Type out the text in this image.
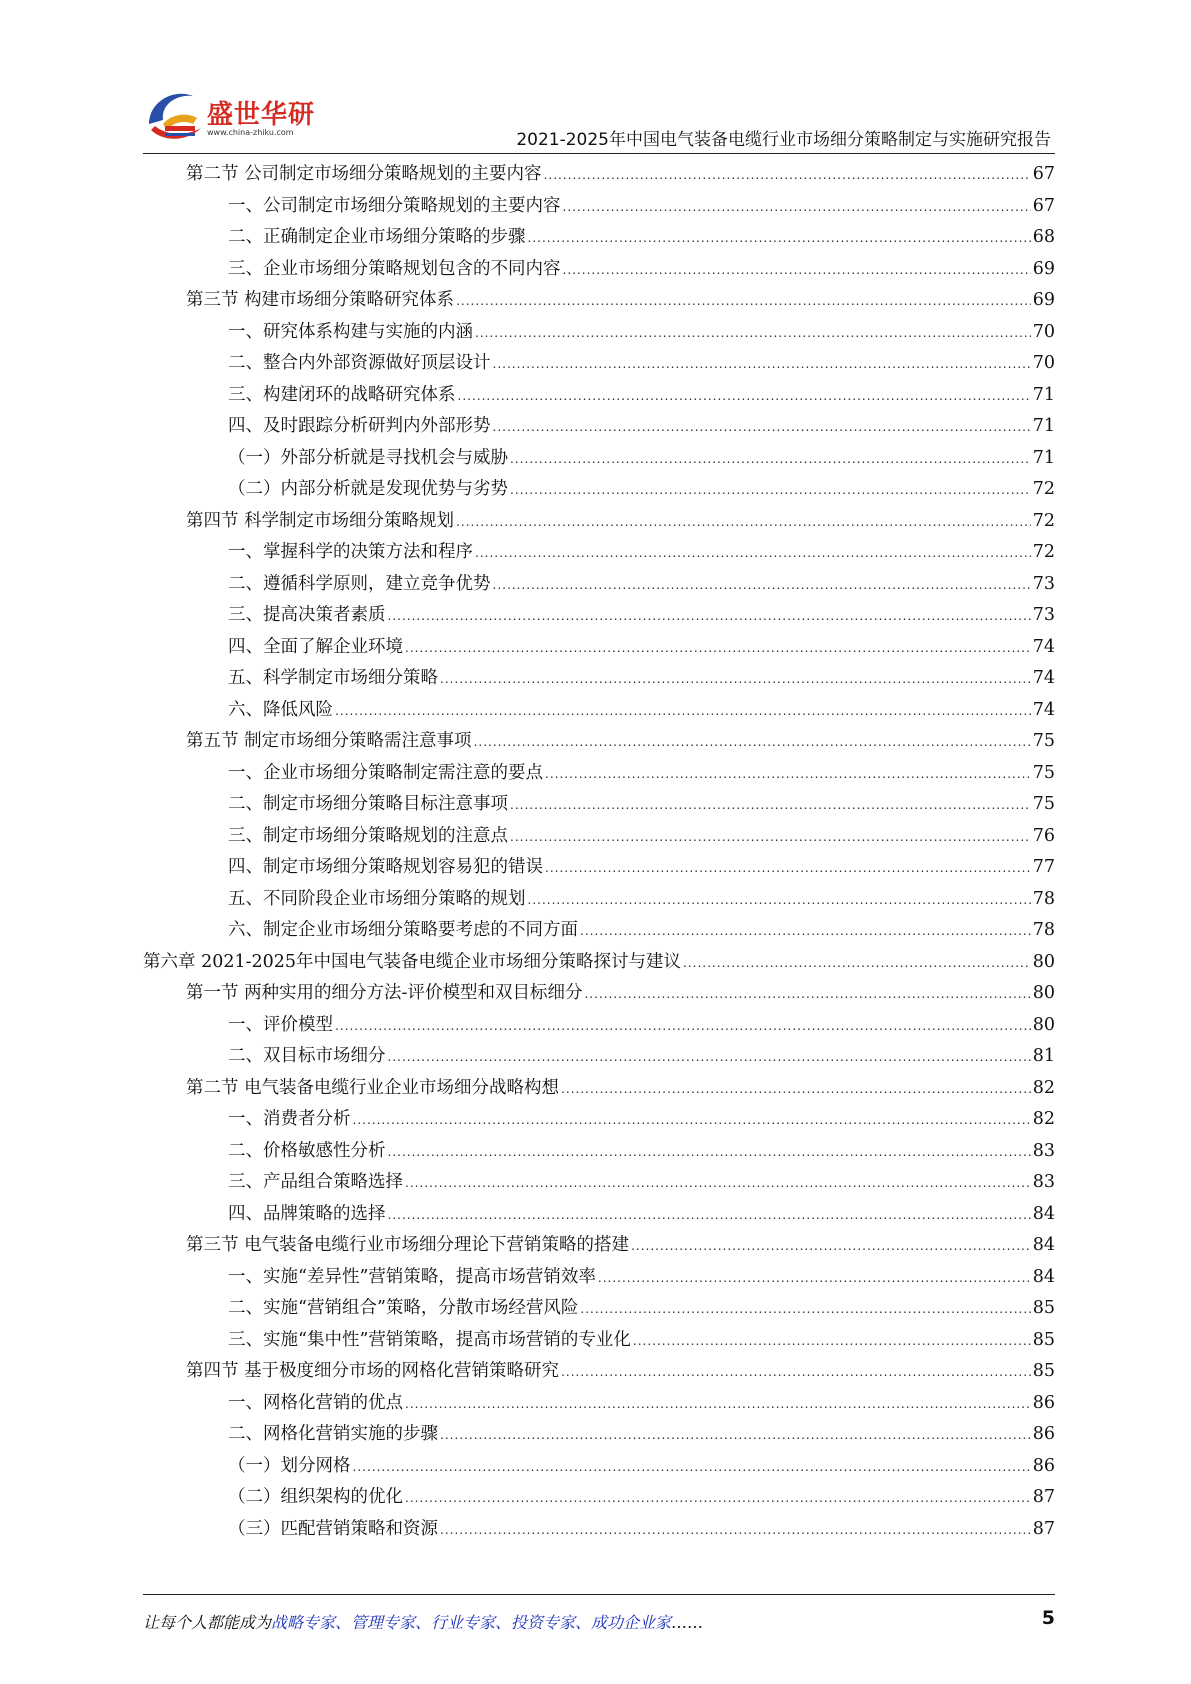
盛世华研
www.china-zhiku.com	2021-2025年中国电气装备电缆行业市场细分策略制定与实施研究报告
第二节 公司制定市场细分策略规划的主要内容 .....	67
一、公司制定市场细分策略规划的主要内容 .....	67
二、正确制定企业市场细分策略的步骤 .....	68
三、企业市场细分策略规划包含的不同内容 .....	69
第三节 构建市场细分策略研究体系 .....	69
一、研究体系构建与实施的内涵 .....	70
二、整合内外部资源做好顶层设计 .....	70
三、构建闭环的战略研究体系 .....	71
四、及时跟踪分析研判内外部形势 .....	71
（一）外部分析就是寻找机会与威胁 .....	71
（二）内部分析就是发现优势与劣势 .....	72
第四节 科学制定市场细分策略规划 .....	72
一、掌握科学的决策方法和程序 .....	72
二、遵循科学原则，建立竞争优势 .....	73
三、提高决策者素质 .....	73
四、全面了解企业环境 .....	74
五、科学制定市场细分策略 .....	74
六、降低风险 .....	74
第五节 制定市场细分策略需注意事项 .....	75
一、企业市场细分策略制定需注意的要点 .....	75
二、制定市场细分策略目标注意事项 .....	75
三、制定市场细分策略规划的注意点 .....	76
四、制定市场细分策略规划容易犯的错误 .....	77
五、不同阶段企业市场细分策略的规划 .....	78
六、制定企业市场细分策略要考虑的不同方面 .....	78
第六章 2021-2025年中国电气装备电缆企业市场细分策略探讨与建议 .....	80
第一节 两种实用的细分方法-评价模型和双目标细分 .....	80
一、评价模型 .....	80
二、双目标市场细分 .....	81
第二节 电气装备电缆行业企业市场细分战略构想 .....	82
一、消费者分析 .....	82
二、价格敏感性分析 .....	83
三、产品组合策略选择 .....	83
四、品牌策略的选择 .....	84
第三节 电气装备电缆行业市场细分理论下营销策略的搭建 .....	84
一、实施“差异性”营销策略，提高市场营销效率 .....	84
二、实施“营销组合”策略，分散市场经营风险 .....	85
三、实施“集中性”营销策略，提高市场营销的专业化 .....	85
第四节 基于极度细分市场的网格化营销策略研究 .....	85
一、网格化营销的优点 .....	86
二、网格化营销实施的步骤 .....	86
（一）划分网格 .....	86
（二）组织架构的优化 .....	87
（三）匹配营销策略和资源 .....	87
让每个人都能成为战略专家、管理专家、行业专家、投资专家、成功企业家……	5
